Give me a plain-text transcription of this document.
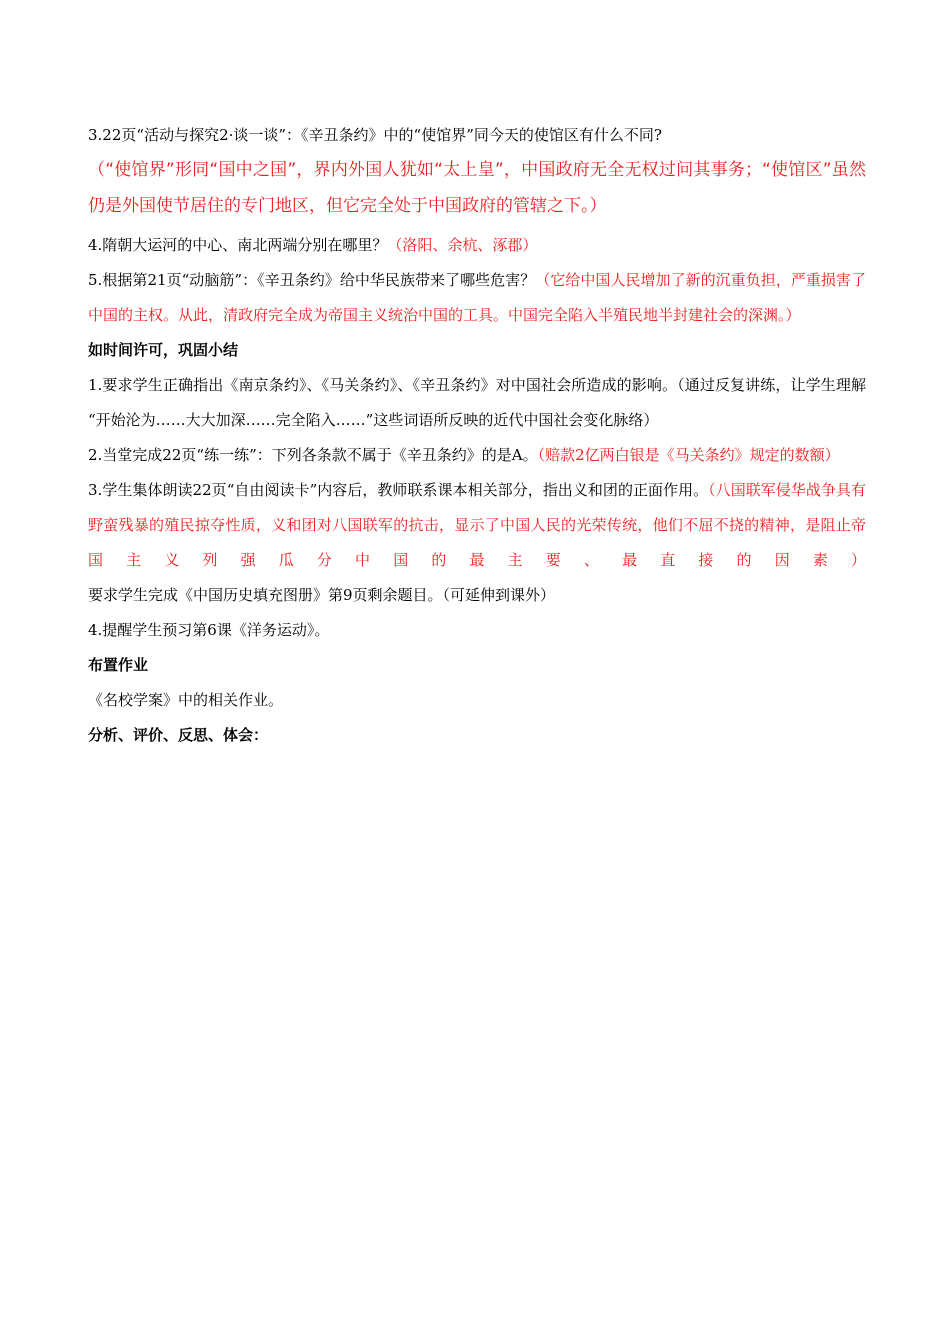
3.22页“活动与探究2·谈一谈”：《辛丑条约》中的“使馆界”同今天的使馆区有什么不同?

（“使馆界”形同“国中之国”，界内外国人犹如“太上皇”，中国政府无全无权过问其事务；“使馆区”虽然仍是外国使节居住的专门地区，但它完全处于中国政府的管辖之下。）

4.隋朝大运河的中心、南北两端分别在哪里？（洛阳、余杭、涿郡）

5.根据第21页“动脑筋”：《辛丑条约》给中华民族带来了哪些危害？（它给中国人民增加了新的沉重负担，严重损害了中国的主权。从此，清政府完全成为帝国主义统治中国的工具。中国完全陷入半殖民地半封建社会的深渊。）

如时间许可，巩固小结

1.要求学生正确指出《南京条约》、《马关条约》、《辛丑条约》对中国社会所造成的影响。（通过反复讲练，让学生理解 “开始沦为……大大加深……完全陷入……”这些词语所反映的近代中国社会变化脉络）

2.当堂完成22页“练一练”：下列各条款不属于《辛丑条约》的是A。（赔款2亿两白银是《马关条约》规定的数额）

3.学生集体朗读22页“自由阅读卡”内容后，教师联系课本相关部分，指出义和团的正面作用。（八国联军侵华战争具有野蛮残暴的殖民掠夺性质，义和团对八国联军的抗击，显示了中国人民的光荣传统，他们不屈不挠的精神，是阻止帝国主义列强瓜分中国的最主要、最直接的因素）要求学生完成《中国历史填充图册》第9页剩余题目。（可延伸到课外）

4.提醒学生预习第6课《洋务运动》。

布置作业

《名校学案》中的相关作业。

分析、评价、反思、体会：
